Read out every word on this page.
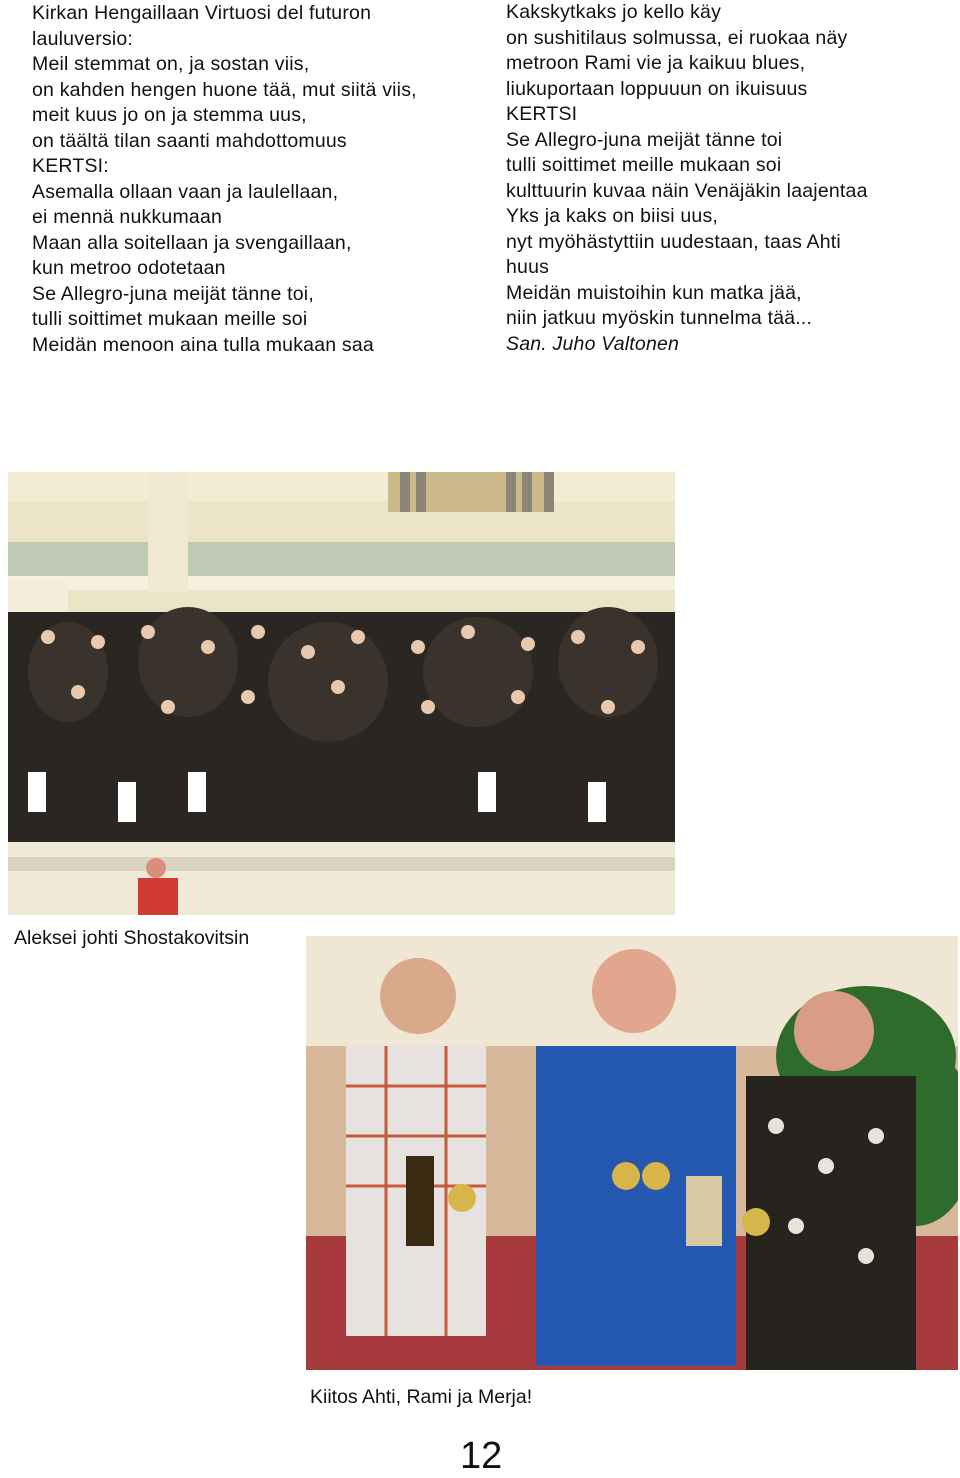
Kirkan Hengaillaan Virtuosi del futuron
lauluversio:

Meil stemmat on, ja sostan viis,
on kahden hengen huone tää, mut siitä viis,
meit kuus jo on ja stemma uus,
on täältä tilan saanti mahdottomuus

KERTSI:
Asemalla ollaan vaan ja laulellaan,
ei mennä nukkumaan
Maan alla soitellaan ja svengaillaan,
kun metroo odotetaan

Se Allegro-juna meijät tänne toi,
tulli soittimet mukaan meille soi
Meidän menoon aina tulla mukaan saa

Kakskytkaks jo kello käy
on sushitilaus solmussa, ei ruokaa näy
metroon Rami vie ja kaikuu blues,
liukuportaan loppuuun on ikuisuus

KERTSI

Se Allegro-juna meijät tänne toi
tulli soittimet meille mukaan soi
kulttuurin kuvaa näin Venäjäkin laajentaa

Yks ja kaks on biisi uus,
nyt myöhästyttiin uudestaan, taas Ahti
huus
Meidän muistoihin kun matka jää,
niin jatkuu myöskin tunnelma tää...

San. Juho Valtonen

Aleksei johti Shostakovitsin
Kiitos Ahti, Rami ja Merja!
12
